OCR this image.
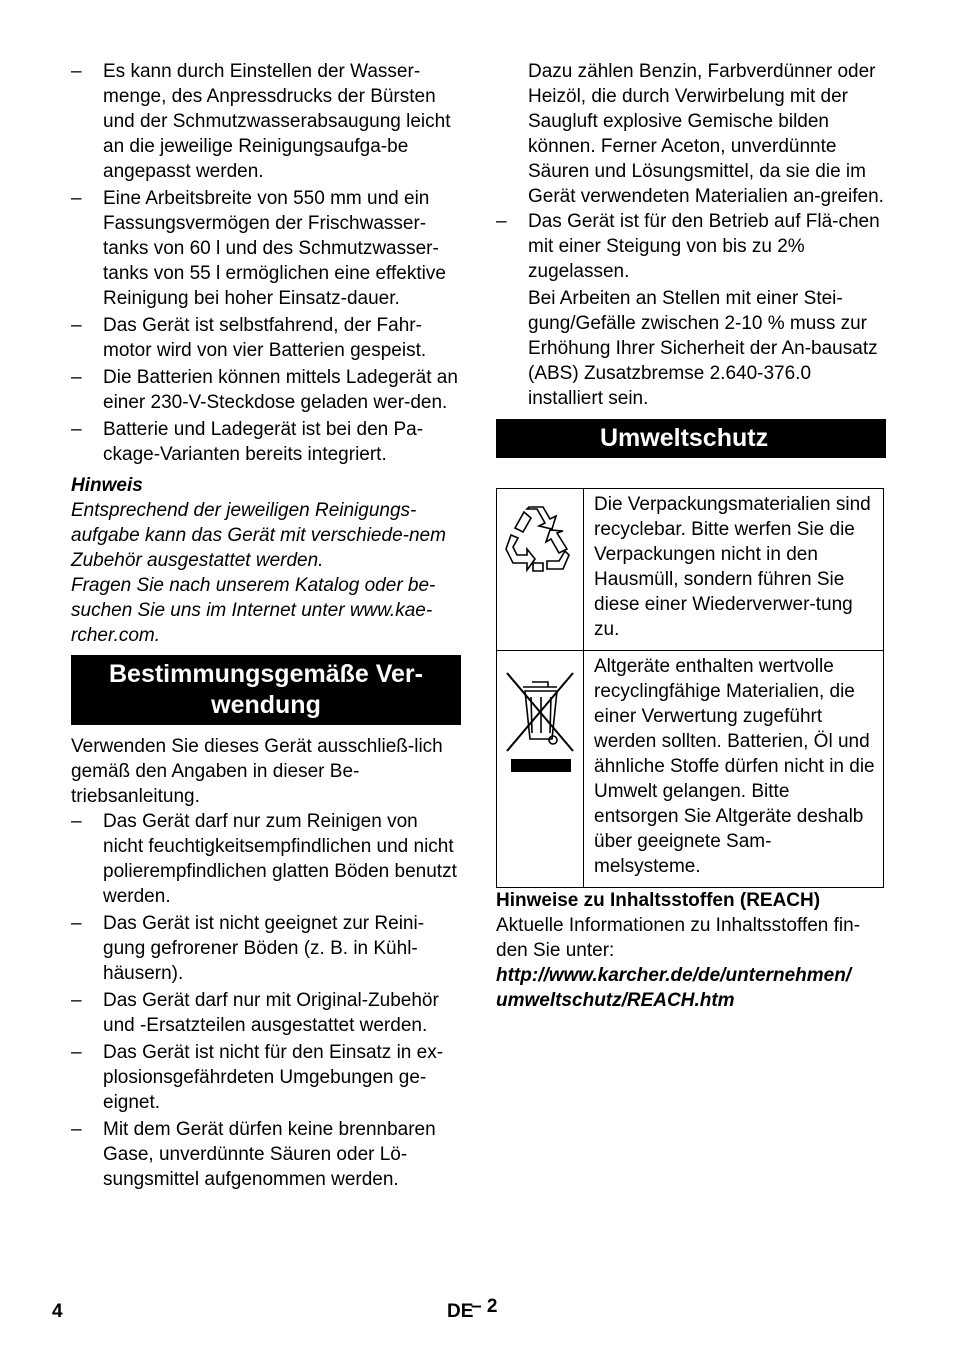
– Es kann durch Einstellen der Wasser-menge, des Anpressdrucks der Bürsten und der Schmutzwasserabsaugung leicht an die jeweilige Reinigungsaufga-be angepasst werden.
– Eine Arbeitsbreite von 550 mm und ein Fassungsvermögen der Frischwasser-tanks von 60 l und des Schmutzwasser-tanks von 55 l ermöglichen eine effektive Reinigung bei hoher Einsatz-dauer.
– Das Gerät ist selbstfahrend, der Fahr-motor wird von vier Batterien gespeist.
– Die Batterien können mittels Ladegerät an einer 230-V-Steckdose geladen wer-den.
– Batterie und Ladegerät ist bei den Pa-ckage-Varianten bereits integriert.
Hinweis
Entsprechend der jeweiligen Reinigungs-aufgabe kann das Gerät mit verschiede-nem Zubehör ausgestattet werden.
Fragen Sie nach unserem Katalog oder be-suchen Sie uns im Internet unter www.kae-rcher.com.
Bestimmungsgemäße Ver-
wendung
Verwenden Sie dieses Gerät ausschließ-lich gemäß den Angaben in dieser Be-triebsanleitung.
– Das Gerät darf nur zum Reinigen von nicht feuchtigkeitsempfindlichen und nicht polierempfindlichen glatten Böden benutzt werden.
– Das Gerät ist nicht geeignet zur Reini-gung gefrorener Böden (z. B. in Kühl-häusern).
– Das Gerät darf nur mit Original-Zubehör und -Ersatzteilen ausgestattet werden.
– Das Gerät ist nicht für den Einsatz in ex-plosionsgefährdeten Umgebungen ge-eignet.
– Mit dem Gerät dürfen keine brennbaren Gase, unverdünnte Säuren oder Lö-sungsmittel aufgenommen werden.
Dazu zählen Benzin, Farbverdünner oder Heizöl, die durch Verwirbelung mit der Saugluft explosive Gemische bilden können. Ferner Aceton, unverdünnte Säuren und Lösungsmittel, da sie die im Gerät verwendeten Materialien an-greifen.
– Das Gerät ist für den Betrieb auf Flä-chen mit einer Steigung von bis zu 2% zugelassen.
Bei Arbeiten an Stellen mit einer Stei-gung/Gefälle zwischen 2-10 % muss zur Erhöhung Ihrer Sicherheit der An-bausatz (ABS) Zusatzbremse 2.640-376.0 installiert sein.
Umweltschutz
	Die Verpackungsmaterialien sind recyclebar. Bitte werfen Sie die Verpackungen nicht in den Hausmüll, sondern führen Sie diese einer Wiederverwer-tung zu.

	Altgeräte enthalten wertvolle recyclingfähige Materialien, die einer Verwertung zugeführt werden sollten. Batterien, Öl und ähnliche Stoffe dürfen nicht in die Umwelt gelangen. Bitte entsorgen Sie Altgeräte deshalb über geeignete Sam-melsysteme.
Hinweise zu Inhaltsstoffen (REACH)
Aktuelle Informationen zu Inhaltsstoffen fin-den Sie unter:
http://www.karcher.de/de/unternehmen/
umweltschutz/REACH.htm
4	DE
– 2
